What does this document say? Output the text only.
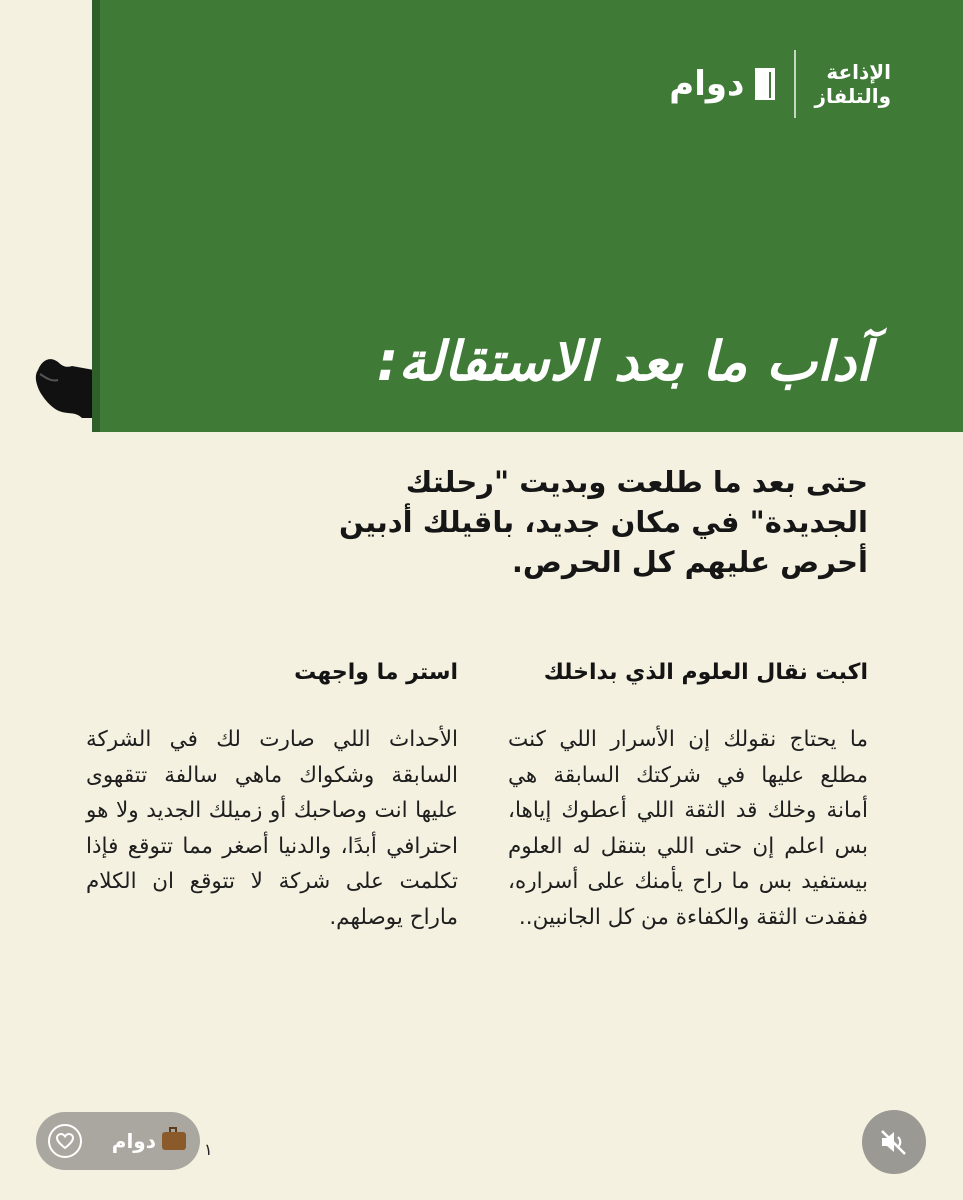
الإذاعة
والتلفاز
دوام
آداب ما بعد الاستقالة:
حتى بعد ما طلعت وبديت "رحلتك الجديدة" في مكان جديد، باقيلك أدبين أحرص عليهم كل الحرص.
اكبت نقال العلوم الذي بداخلك
ما يحتاج نقولك إن الأسرار اللي كنت مطلع عليها في شركتك السابقة هي أمانة وخلك قد الثقة اللي أعطوك إياها، بس اعلم إن حتى اللي بتنقل له العلوم بيستفيد بس ما راح يأمنك على أسراره، ففقدت الثقة والكفاءة من كل الجانبين..
استر ما واجهت
الأحداث اللي صارت لك في الشركة السابقة وشكواك ماهي سالفة تتقهوى عليها انت وصاحبك أو زميلك الجديد ولا هو احترافي أبدًا، والدنيا أصغر مما تتوقع فإذا تكلمت على شركة لا تتوقع ان الكلام ماراح يوصلهم.
دوام	١
